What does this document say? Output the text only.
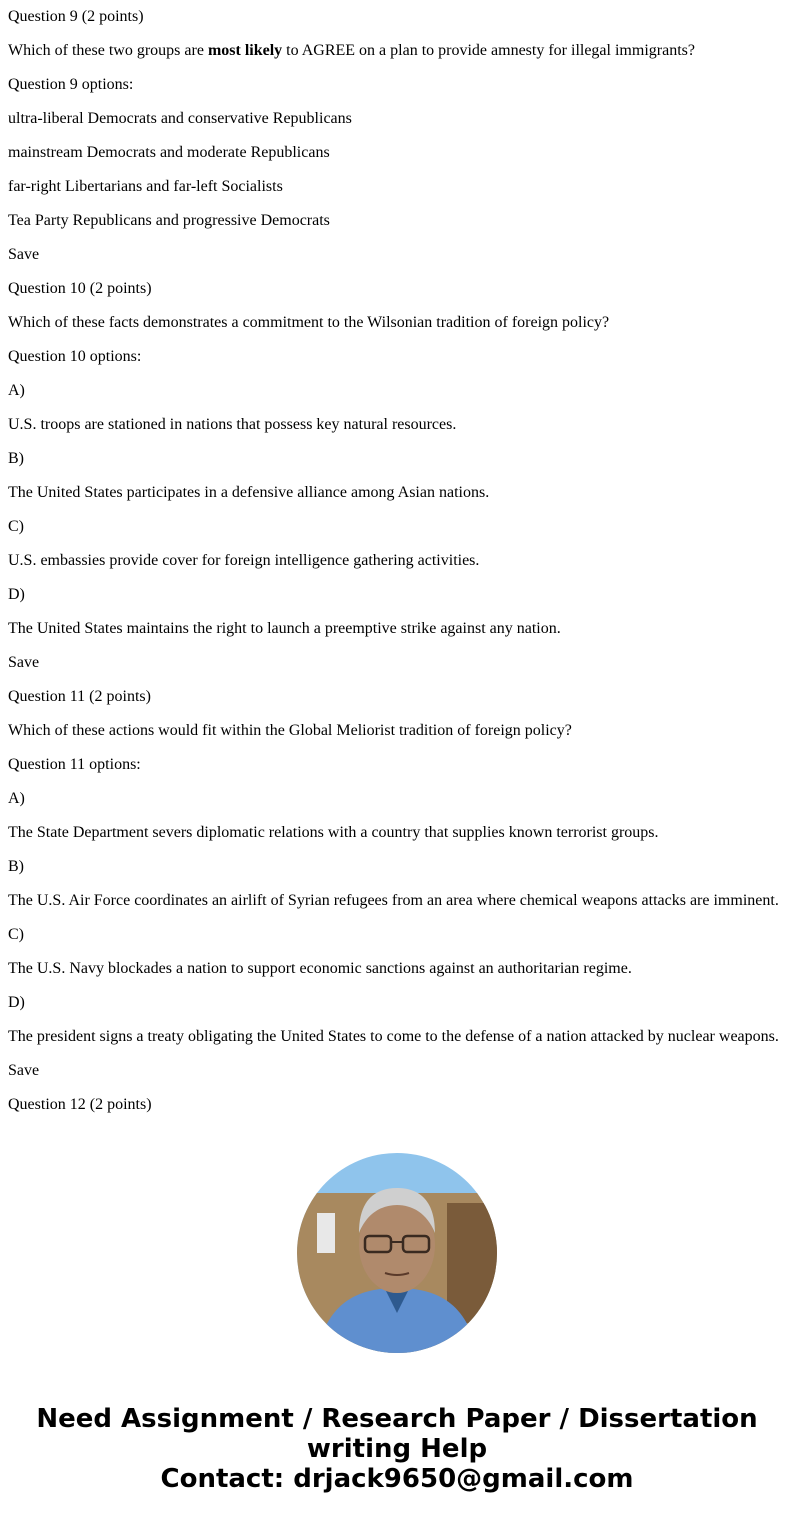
Question 9 (2 points)

Which of these two groups are most likely to AGREE on a plan to provide amnesty for illegal immigrants?

Question 9 options:

ultra-liberal Democrats and conservative Republicans

mainstream Democrats and moderate Republicans

far-right Libertarians and far-left Socialists

Tea Party Republicans and progressive Democrats

Save

Question 10 (2 points)

Which of these facts demonstrates a commitment to the Wilsonian tradition of foreign policy?

Question 10 options:

A)

U.S. troops are stationed in nations that possess key natural resources.

B)

The United States participates in a defensive alliance among Asian nations.

C)

U.S. embassies provide cover for foreign intelligence gathering activities.

D)

The United States maintains the right to launch a preemptive strike against any nation.

Save

Question 11 (2 points)

Which of these actions would fit within the Global Meliorist tradition of foreign policy?

Question 11 options:

A)

The State Department severs diplomatic relations with a country that supplies known terrorist groups.

B)

The U.S. Air Force coordinates an airlift of Syrian refugees from an area where chemical weapons attacks are imminent.

C)

The U.S. Navy blockades a nation to support economic sanctions against an authoritarian regime.

D)

The president signs a treaty obligating the United States to come to the defense of a nation attacked by nuclear weapons.

Save

Question 12 (2 points)

Need Assignment / Research Paper / Dissertation
writing Help
Contact: drjack9650@gmail.com
